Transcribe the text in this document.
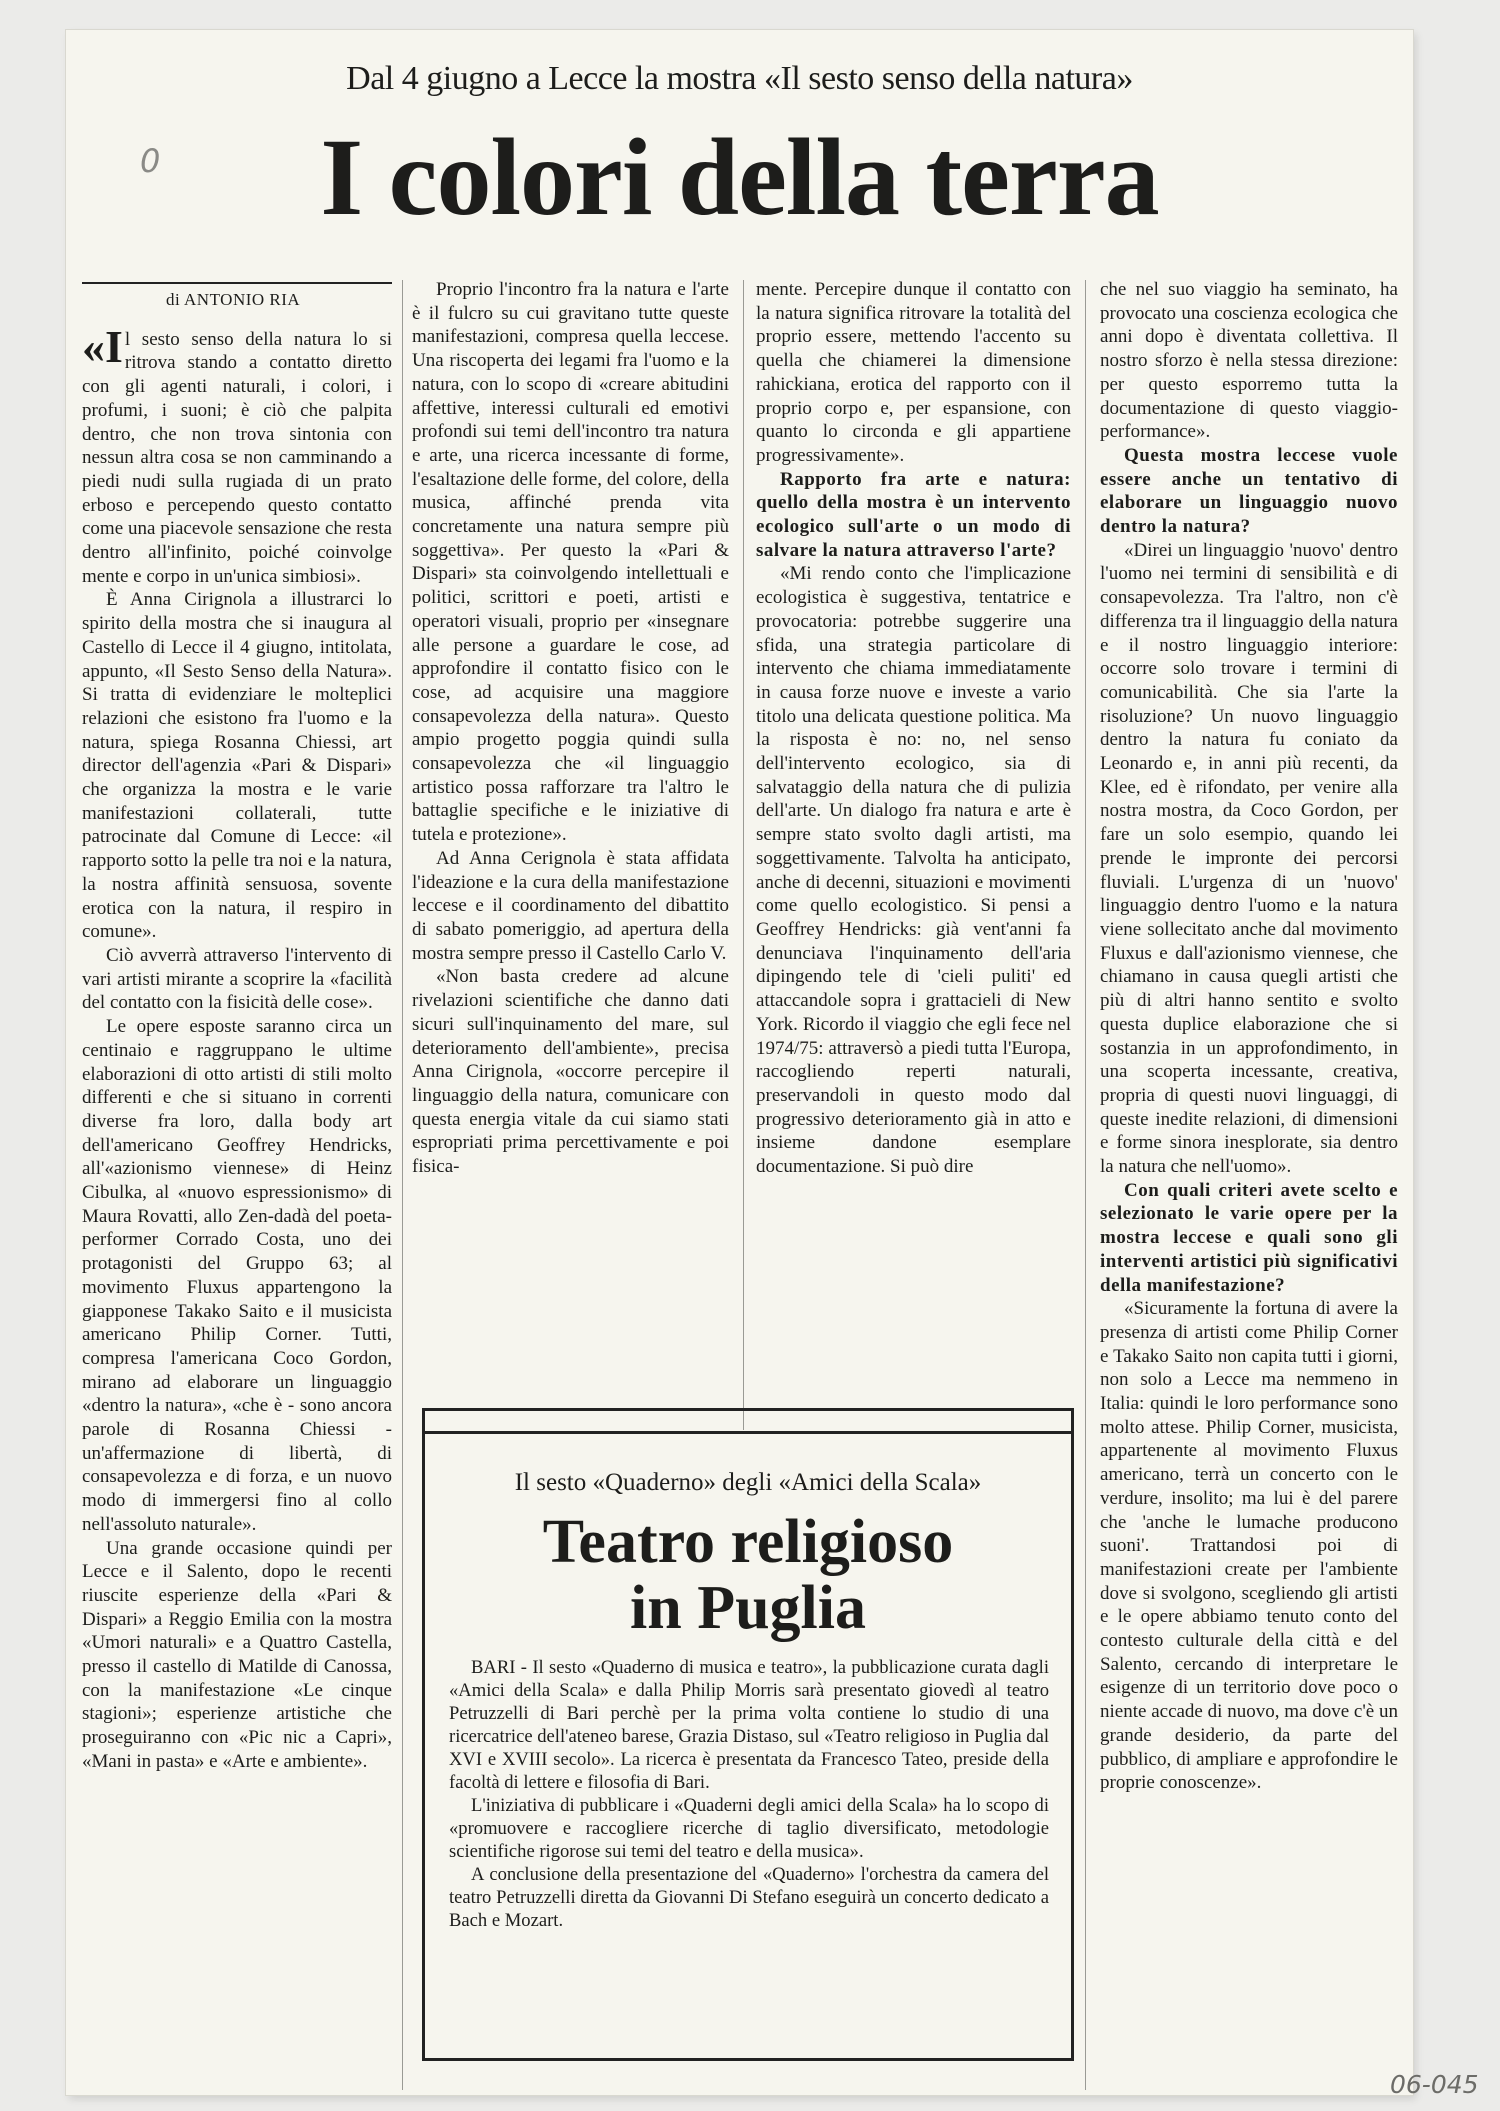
0
Dal 4 giugno a Lecce la mostra «Il sesto senso della natura»
I colori della terra

di ANTONIO RIA

«Il sesto senso della natura lo si ritrova stando a contatto diretto con gli agenti naturali, i colori, i profumi, i suoni; è ciò che palpita dentro, che non trova sintonia con nessun altra cosa se non camminando a piedi nudi sulla rugiada di un prato erboso e percependo questo contatto come una piacevole sensazione che resta dentro all'infinito, poiché coinvolge mente e corpo in un'unica simbiosi».

È Anna Cirignola a illustrarci lo spirito della mostra che si inaugura al Castello di Lecce il 4 giugno, intitolata, appunto, «Il Sesto Senso della Natura». Si tratta di evidenziare le molteplici relazioni che esistono fra l'uomo e la natura, spiega Rosanna Chiessi, art director dell'agenzia «Pari & Dispari» che organizza la mostra e le varie manifestazioni collaterali, tutte patrocinate dal Comune di Lecce: «il rapporto sotto la pelle tra noi e la natura, la nostra affinità sensuosa, sovente erotica con la natura, il respiro in comune».

Ciò avverrà attraverso l'intervento di vari artisti mirante a scoprire la «facilità del contatto con la fisicità delle cose».

Le opere esposte saranno circa un centinaio e raggruppano le ultime elaborazioni di otto artisti di stili molto differenti e che si situano in correnti diverse fra loro, dalla body art dell'americano Geoffrey Hendricks, all'«azionismo viennese» di Heinz Cibulka, al «nuovo espressionismo» di Maura Rovatti, allo Zen-dadà del poeta-performer Corrado Costa, uno dei protagonisti del Gruppo 63; al movimento Fluxus appartengono la giapponese Takako Saito e il musicista americano Philip Corner. Tutti, compresa l'americana Coco Gordon, mirano ad elaborare un linguaggio «dentro la natura», «che è - sono ancora parole di Rosanna Chiessi - un'affermazione di libertà, di consapevolezza e di forza, e un nuovo modo di immergersi fino al collo nell'assoluto naturale».

Una grande occasione quindi per Lecce e il Salento, dopo le recenti riuscite esperienze della «Pari & Dispari» a Reggio Emilia con la mostra «Umori naturali» e a Quattro Castella, presso il castello di Matilde di Canossa, con la manifestazione «Le cinque stagioni»; esperienze artistiche che proseguiranno con «Pic nic a Capri», «Mani in pasta» e «Arte e ambiente».

Proprio l'incontro fra la natura e l'arte è il fulcro su cui gravitano tutte queste manifestazioni, compresa quella leccese. Una riscoperta dei legami fra l'uomo e la natura, con lo scopo di «creare abitudini affettive, interessi culturali ed emotivi profondi sui temi dell'incontro tra natura e arte, una ricerca incessante di forme, l'esaltazione delle forme, del colore, della musica, affinché prenda vita concretamente una natura sempre più soggettiva». Per questo la «Pari & Dispari» sta coinvolgendo intellettuali e politici, scrittori e poeti, artisti e operatori visuali, proprio per «insegnare alle persone a guardare le cose, ad approfondire il contatto fisico con le cose, ad acquisire una maggiore consapevolezza della natura». Questo ampio progetto poggia quindi sulla consapevolezza che «il linguaggio artistico possa rafforzare tra l'altro le battaglie specifiche e le iniziative di tutela e protezione».

Ad Anna Cerignola è stata affidata l'ideazione e la cura della manifestazione leccese e il coordinamento del dibattito di sabato pomeriggio, ad apertura della mostra sempre presso il Castello Carlo V.

«Non basta credere ad alcune rivelazioni scientifiche che danno dati sicuri sull'inquinamento del mare, sul deterioramento dell'ambiente», precisa Anna Cirignola, «occorre percepire il linguaggio della natura, comunicare con questa energia vitale da cui siamo stati espropriati prima percettivamente e poi fisica-

mente. Percepire dunque il contatto con la natura significa ritrovare la totalità del proprio essere, mettendo l'accento su quella che chiamerei la dimensione rahickiana, erotica del rapporto con il proprio corpo e, per espansione, con quanto lo circonda e gli appartiene progressivamente».

Rapporto fra arte e natura: quello della mostra è un intervento ecologico sull'arte o un modo di salvare la natura attraverso l'arte?

«Mi rendo conto che l'implicazione ecologistica è suggestiva, tentatrice e provocatoria: potrebbe suggerire una sfida, una strategia particolare di intervento che chiama immediatamente in causa forze nuove e investe a vario titolo una delicata questione politica. Ma la risposta è no: no, nel senso dell'intervento ecologico, sia di salvataggio della natura che di pulizia dell'arte. Un dialogo fra natura e arte è sempre stato svolto dagli artisti, ma soggettivamente. Talvolta ha anticipato, anche di decenni, situazioni e movimenti come quello ecologistico. Si pensi a Geoffrey Hendricks: già vent'anni fa denunciava l'inquinamento dell'aria dipingendo tele di 'cieli puliti' ed attaccandole sopra i grattacieli di New York. Ricordo il viaggio che egli fece nel 1974/75: attraversò a piedi tutta l'Europa, raccogliendo reperti naturali, preservandoli in questo modo dal progressivo deterioramento già in atto e insieme dandone esemplare documentazione. Si può dire

che nel suo viaggio ha seminato, ha provocato una coscienza ecologica che anni dopo è diventata collettiva. Il nostro sforzo è nella stessa direzione: per questo esporremo tutta la documentazione di questo viaggio-performance».

Questa mostra leccese vuole essere anche un tentativo di elaborare un linguaggio nuovo dentro la natura?

«Direi un linguaggio 'nuovo' dentro l'uomo nei termini di sensibilità e di consapevolezza. Tra l'altro, non c'è differenza tra il linguaggio della natura e il nostro linguaggio interiore: occorre solo trovare i termini di comunicabilità. Che sia l'arte la risoluzione? Un nuovo linguaggio dentro la natura fu coniato da Leonardo e, in anni più recenti, da Klee, ed è rifondato, per venire alla nostra mostra, da Coco Gordon, per fare un solo esempio, quando lei prende le impronte dei percorsi fluviali. L'urgenza di un 'nuovo' linguaggio dentro l'uomo e la natura viene sollecitato anche dal movimento Fluxus e dall'azionismo viennese, che chiamano in causa quegli artisti che più di altri hanno sentito e svolto questa duplice elaborazione che si sostanzia in un approfondimento, in una scoperta incessante, creativa, propria di questi nuovi linguaggi, di queste inedite relazioni, di dimensioni e forme sinora inesplorate, sia dentro la natura che nell'uomo».

Con quali criteri avete scelto e selezionato le varie opere per la mostra leccese e quali sono gli interventi artistici più significativi della manifestazione?

«Sicuramente la fortuna di avere la presenza di artisti come Philip Corner e Takako Saito non capita tutti i giorni, non solo a Lecce ma nemmeno in Italia: quindi le loro performance sono molto attese. Philip Corner, musicista, appartenente al movimento Fluxus americano, terrà un concerto con le verdure, insolito; ma lui è del parere che 'anche le lumache producono suoni'. Trattandosi poi di manifestazioni create per l'ambiente dove si svolgono, scegliendo gli artisti e le opere abbiamo tenuto conto del contesto culturale della città e del Salento, cercando di interpretare le esigenze di un territorio dove poco o niente accade di nuovo, ma dove c'è un grande desiderio, da parte del pubblico, di ampliare e approfondire le proprie conoscenze».

Il sesto «Quaderno» degli «Amici della Scala»
Teatro religioso
in Puglia

BARI - Il sesto «Quaderno di musica e teatro», la pubblicazione curata dagli «Amici della Scala» e dalla Philip Morris sarà presentato giovedì al teatro Petruzzelli di Bari perchè per la prima volta contiene lo studio di una ricercatrice dell'ateneo barese, Grazia Distaso, sul «Teatro religioso in Puglia dal XVI e XVIII secolo». La ricerca è presentata da Francesco Tateo, preside della facoltà di lettere e filosofia di Bari.

L'iniziativa di pubblicare i «Quaderni degli amici della Scala» ha lo scopo di «promuovere e raccogliere ricerche di taglio diversificato, metodologie scientifiche rigorose sui temi del teatro e della musica».

A conclusione della presentazione del «Quaderno» l'orchestra da camera del teatro Petruzzelli diretta da Giovanni Di Stefano eseguirà un concerto dedicato a Bach e Mozart.

06-045
